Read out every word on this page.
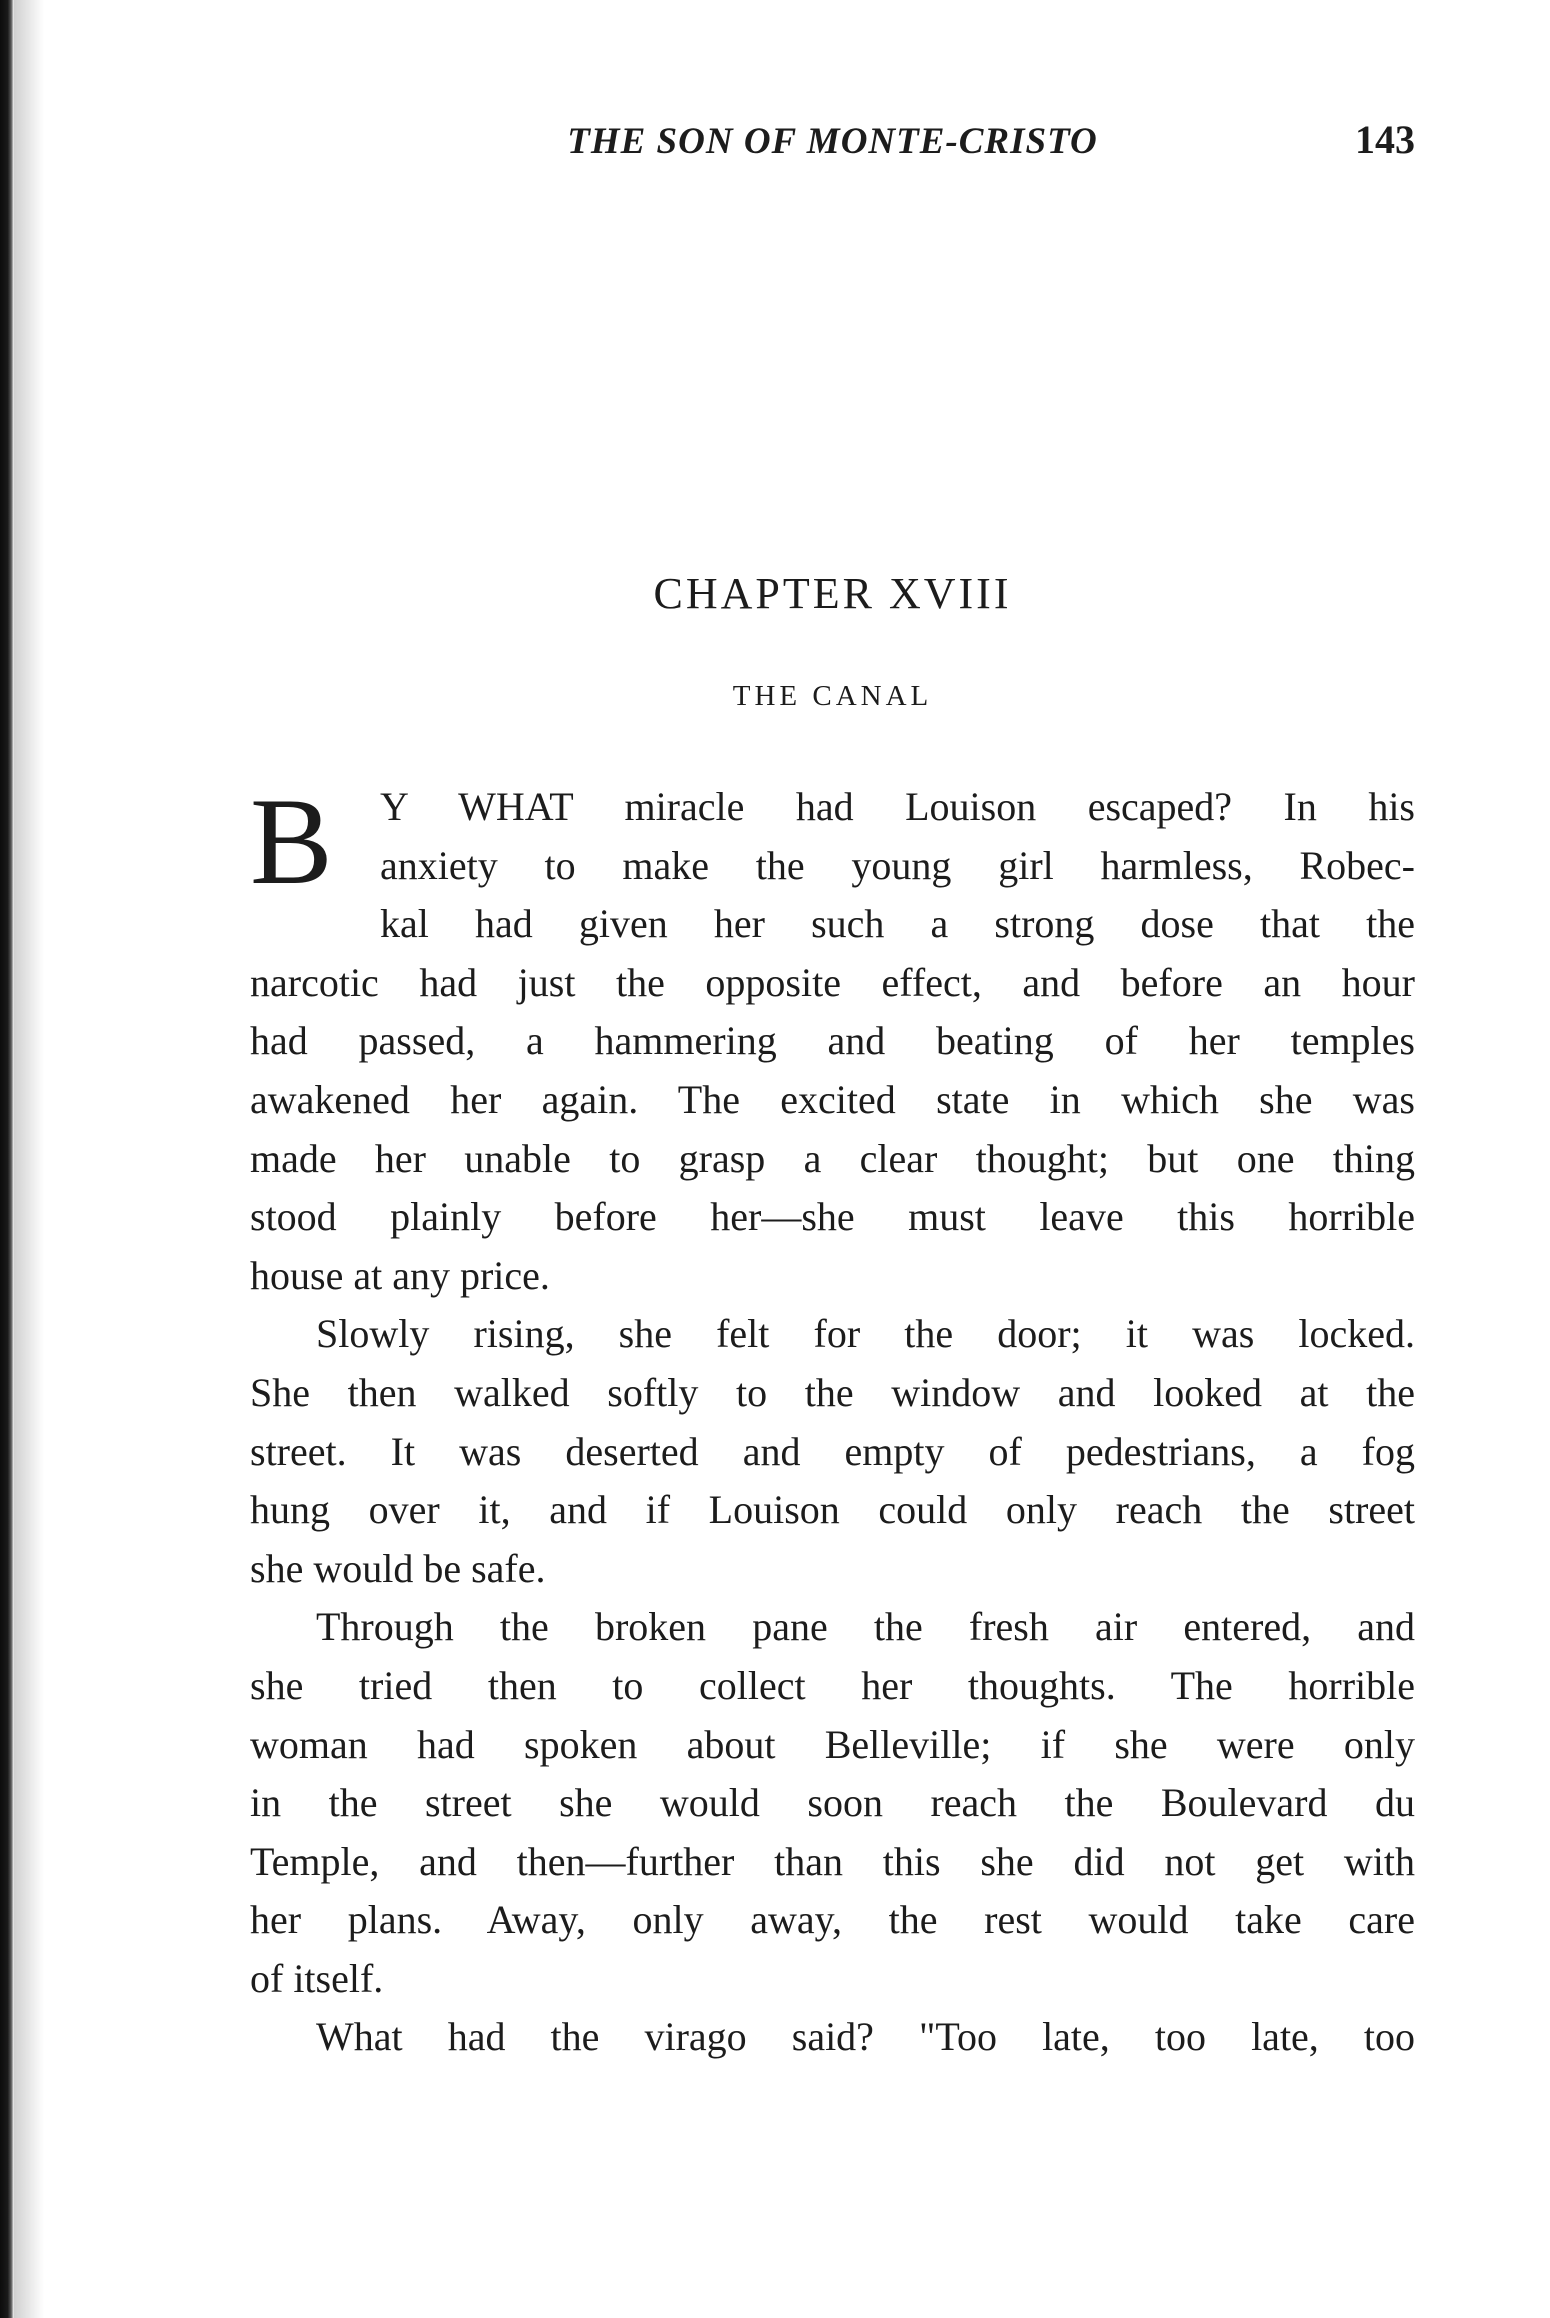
THE SON OF MONTE-CRISTO	143
CHAPTER XVIII
THE CANAL
B Y WHAT miracle had Louison escaped? In his
anxiety to make the young girl harmless, Robec-
kal had given her such a strong dose that the
narcotic had just the opposite effect, and before an hour
had passed, a hammering and beating of her temples
awakened her again. The excited state in which she was
made her unable to grasp a clear thought; but one thing
stood plainly before her—she must leave this horrible
house at any price.
Slowly rising, she felt for the door; it was locked.
She then walked softly to the window and looked at the
street. It was deserted and empty of pedestrians, a fog
hung over it, and if Louison could only reach the street
she would be safe.
Through the broken pane the fresh air entered, and
she tried then to collect her thoughts. The horrible
woman had spoken about Belleville; if she were only
in the street she would soon reach the Boulevard du
Temple, and then—further than this she did not get with
her plans. Away, only away, the rest would take care
of itself.
What had the virago said? "Too late, too late, too
